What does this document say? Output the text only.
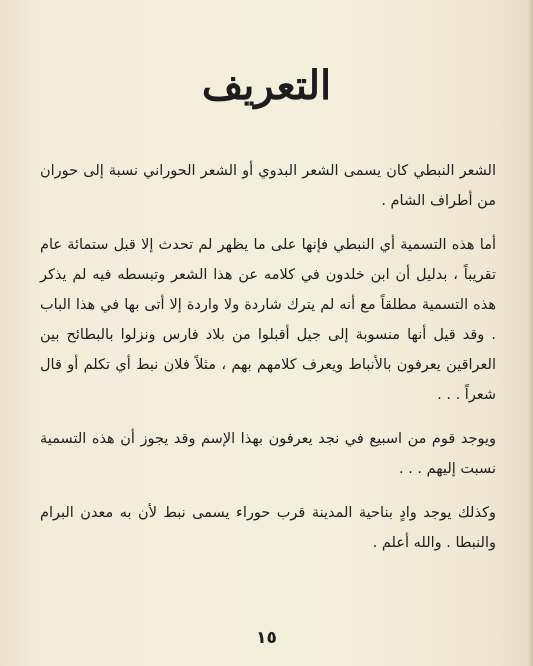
التعريف

الشعر النبطي كان يسمى الشعر البدوي أو الشعر الحوراني نسبة إلى حوران من أطراف الشام .

أما هذه التسمية أي النبطي فإنها على ما يظهر لم تحدث إلا قبل ستمائة عام تقريباً ، بدليل أن ابن خلدون في كلامه عن هذا الشعر وتبسطه فيه لم يذكر هذه التسمية مطلقاً مع أنه لم يترك شاردة ولا واردة إلا أتى بها في هذا الباب . وقد قيل أنها منسوبة إلى جيل أقبلوا من بلاد فارس ونزلوا بالبطائح بين العراقين يعرفون بالأنباط ويعرف كلامهم بهم ، مثلاً فلان نبط أي تكلم أو قال شعراً . . .

ويوجد قوم من اسبيع في نجد يعرفون بهذا الإسم وقد يجوز أن هذه التسمية نسبت إليهم . . .

وكذلك يوجد وادٍ بناحية المدينة قرب حوراء يسمى نبط لأن به معدن البرام والنبطا . والله أعلم .

١٥
